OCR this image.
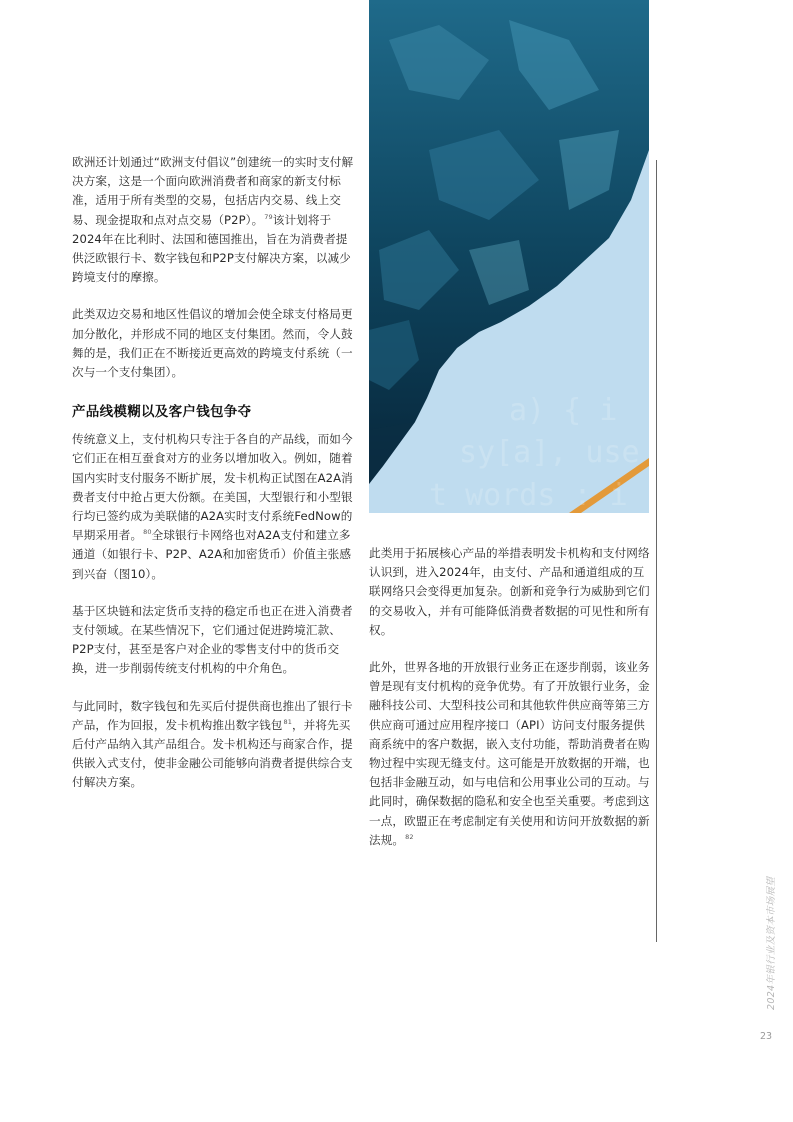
a) { i
sy[a], use
t words : i

欧洲还计划通过“欧洲支付倡议”创建统一的实时支付解决方案，这是一个面向欧洲消费者和商家的新支付标准，适用于所有类型的交易，包括店内交易、线上交易、现金提取和点对点交易（P2P）。$^{79}$该计划将于2024年在比利时、法国和德国推出，旨在为消费者提供泛欧银行卡、数字钱包和P2P支付解决方案，以减少跨境支付的摩擦。

此类双边交易和地区性倡议的增加会使全球支付格局更加分散化，并形成不同的地区支付集团。然而，令人鼓舞的是，我们正在不断接近更高效的跨境支付系统（一次与一个支付集团）。

产品线模糊以及客户钱包争夺

传统意义上，支付机构只专注于各自的产品线，而如今它们正在相互蚕食对方的业务以增加收入。例如，随着国内实时支付服务不断扩展，发卡机构正试图在A2A消费者支付中抢占更大份额。在美国，大型银行和小型银行均已签约成为美联储的A2A实时支付系统FedNow的早期采用者。$^{80}$全球银行卡网络也对A2A支付和建立多通道（如银行卡、P2P、A2A和加密货币）价值主张感到兴奋（图10）。

基于区块链和法定货币支持的稳定币也正在进入消费者支付领域。在某些情况下，它们通过促进跨境汇款、P2P支付，甚至是客户对企业的零售支付中的货币交换，进一步削弱传统支付机构的中介角色。

与此同时，数字钱包和先买后付提供商也推出了银行卡产品，作为回报，发卡机构推出数字钱包$^{81}$，并将先买后付产品纳入其产品组合。发卡机构还与商家合作，提供嵌入式支付，使非金融公司能够向消费者提供综合支付解决方案。

此类用于拓展核心产品的举措表明发卡机构和支付网络认识到，进入2024年，由支付、产品和通道组成的互联网络只会变得更加复杂。创新和竞争行为威胁到它们的交易收入，并有可能降低消费者数据的可见性和所有权。

此外，世界各地的开放银行业务正在逐步削弱，该业务曾是现有支付机构的竞争优势。有了开放银行业务，金融科技公司、大型科技公司和其他软件供应商等第三方供应商可通过应用程序接口（API）访问支付服务提供商系统中的客户数据，嵌入支付功能，帮助消费者在购物过程中实现无缝支付。这可能是开放数据的开端，也包括非金融互动，如与电信和公用事业公司的互动。与此同时，确保数据的隐私和安全也至关重要。考虑到这一点，欧盟正在考虑制定有关使用和访问开放数据的新法规。$^{82}$

2024年银行业及资本市场展望
23
